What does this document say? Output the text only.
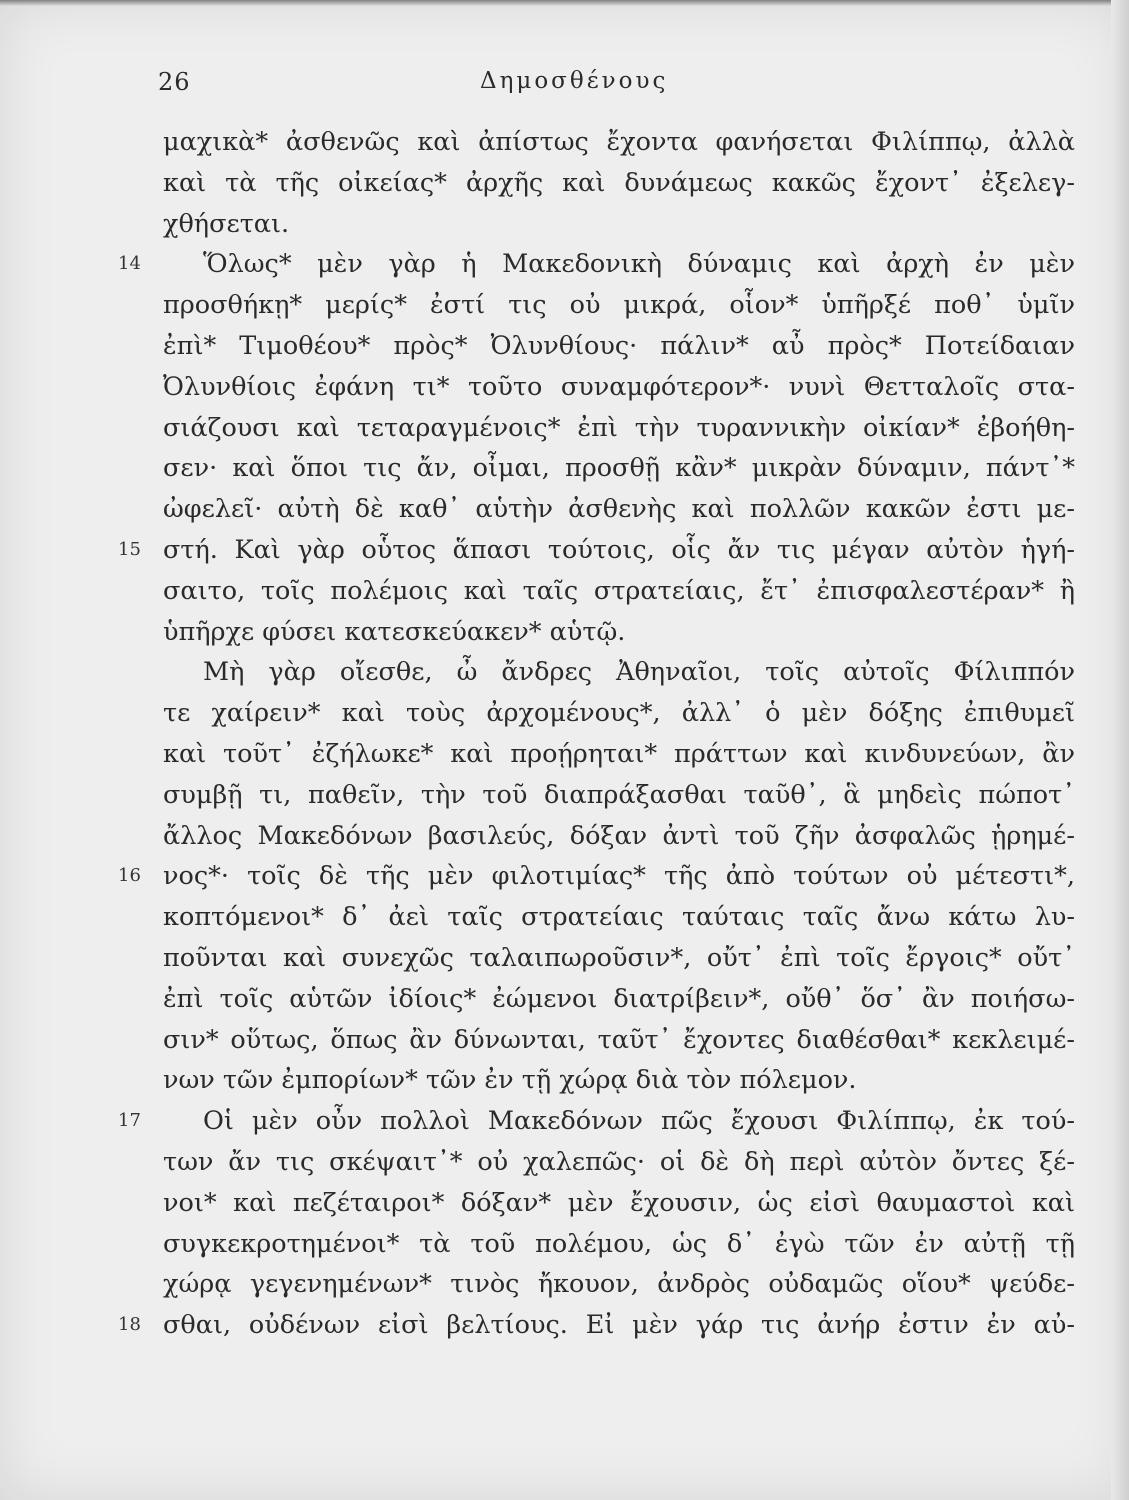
26	Δημοσθένους
μαχικὰ* ἀσθενῶς καὶ ἀπίστως ἔχοντα φανήσεται Φιλίππῳ, ἀλλὰ
καὶ τὰ τῆς οἰκείας* ἀρχῆς καὶ δυνάμεως κακῶς ἔχοντ᾽ ἐξελεγ-
χθήσεται.
14 Ὅλως* μὲν γὰρ ἡ Μακεδονικὴ δύναμις καὶ ἀρχὴ ἐν μὲν
προσθήκῃ* μερίς* ἐστί τις οὐ μικρά, οἷον* ὑπῆρξέ ποθ᾽ ὑμῖν
ἐπὶ* Τιμοθέου* πρὸς* Ὀλυνθίους· πάλιν* αὖ πρὸς* Ποτείδαιαν
Ὀλυνθίοις ἐφάνη τι* τοῦτο συναμφότερον*· νυνὶ Θετταλοῖς στα-
σιάζουσι καὶ τεταραγμένοις* ἐπὶ τὴν τυραννικὴν οἰκίαν* ἐβοήθη-
σεν· καὶ ὅποι τις ἄν, οἶμαι, προσθῇ κἂν* μικρὰν δύναμιν, πάντ᾽*
ὠφελεῖ· αὐτὴ δὲ καθ᾽ αὑτὴν ἀσθενὴς καὶ πολλῶν κακῶν ἐστι με-
15 στή. Καὶ γὰρ οὗτος ἅπασι τούτοις, οἷς ἄν τις μέγαν αὐτὸν ἡγή-
σαιτο, τοῖς πολέμοις καὶ ταῖς στρατείαις, ἔτ᾽ ἐπισφαλεστέραν* ἢ
ὑπῆρχε φύσει κατεσκεύακεν* αὑτῷ.
Μὴ γὰρ οἴεσθε, ὦ ἄνδρες Ἀθηναῖοι, τοῖς αὐτοῖς Φίλιππόν
τε χαίρειν* καὶ τοὺς ἀρχομένους*, ἀλλ᾽ ὁ μὲν δόξης ἐπιθυμεῖ
καὶ τοῦτ᾽ ἐζήλωκε* καὶ προῄρηται* πράττων καὶ κινδυνεύων, ἂν
συμβῇ τι, παθεῖν, τὴν τοῦ διαπράξασθαι ταῦθ᾽, ἃ μηδεὶς πώποτ᾽
ἄλλος Μακεδόνων βασιλεύς, δόξαν ἀντὶ τοῦ ζῆν ἀσφαλῶς ᾑρημέ-
16 νος*· τοῖς δὲ τῆς μὲν φιλοτιμίας* τῆς ἀπὸ τούτων οὐ μέτεστι*,
κοπτόμενοι* δ᾽ ἀεὶ ταῖς στρατείαις ταύταις ταῖς ἄνω κάτω λυ-
ποῦνται καὶ συνεχῶς ταλαιπωροῦσιν*, οὔτ᾽ ἐπὶ τοῖς ἔργοις* οὔτ᾽
ἐπὶ τοῖς αὑτῶν ἰδίοις* ἐώμενοι διατρίβειν*, οὔθ᾽ ὅσ᾽ ἂν ποιήσω-
σιν* οὕτως, ὅπως ἂν δύνωνται, ταῦτ᾽ ἔχοντες διαθέσθαι* κεκλειμέ-
νων τῶν ἐμπορίων* τῶν ἐν τῇ χώρᾳ διὰ τὸν πόλεμον.
17 Οἱ μὲν οὖν πολλοὶ Μακεδόνων πῶς ἔχουσι Φιλίππῳ, ἐκ τού-
των ἄν τις σκέψαιτ᾽* οὐ χαλεπῶς· οἱ δὲ δὴ περὶ αὐτὸν ὄντες ξέ-
νοι* καὶ πεζέταιροι* δόξαν* μὲν ἔχουσιν, ὡς εἰσὶ θαυμαστοὶ καὶ
συγκεκροτημένοι* τὰ τοῦ πολέμου, ὡς δ᾽ ἐγὼ τῶν ἐν αὐτῇ τῇ
χώρᾳ γεγενημένων* τινὸς ἤκουον, ἀνδρὸς οὐδαμῶς οἵου* ψεύδε-
18 σθαι, οὐδένων εἰσὶ βελτίους. Εἰ μὲν γάρ τις ἀνήρ ἐστιν ἐν αὐ-
